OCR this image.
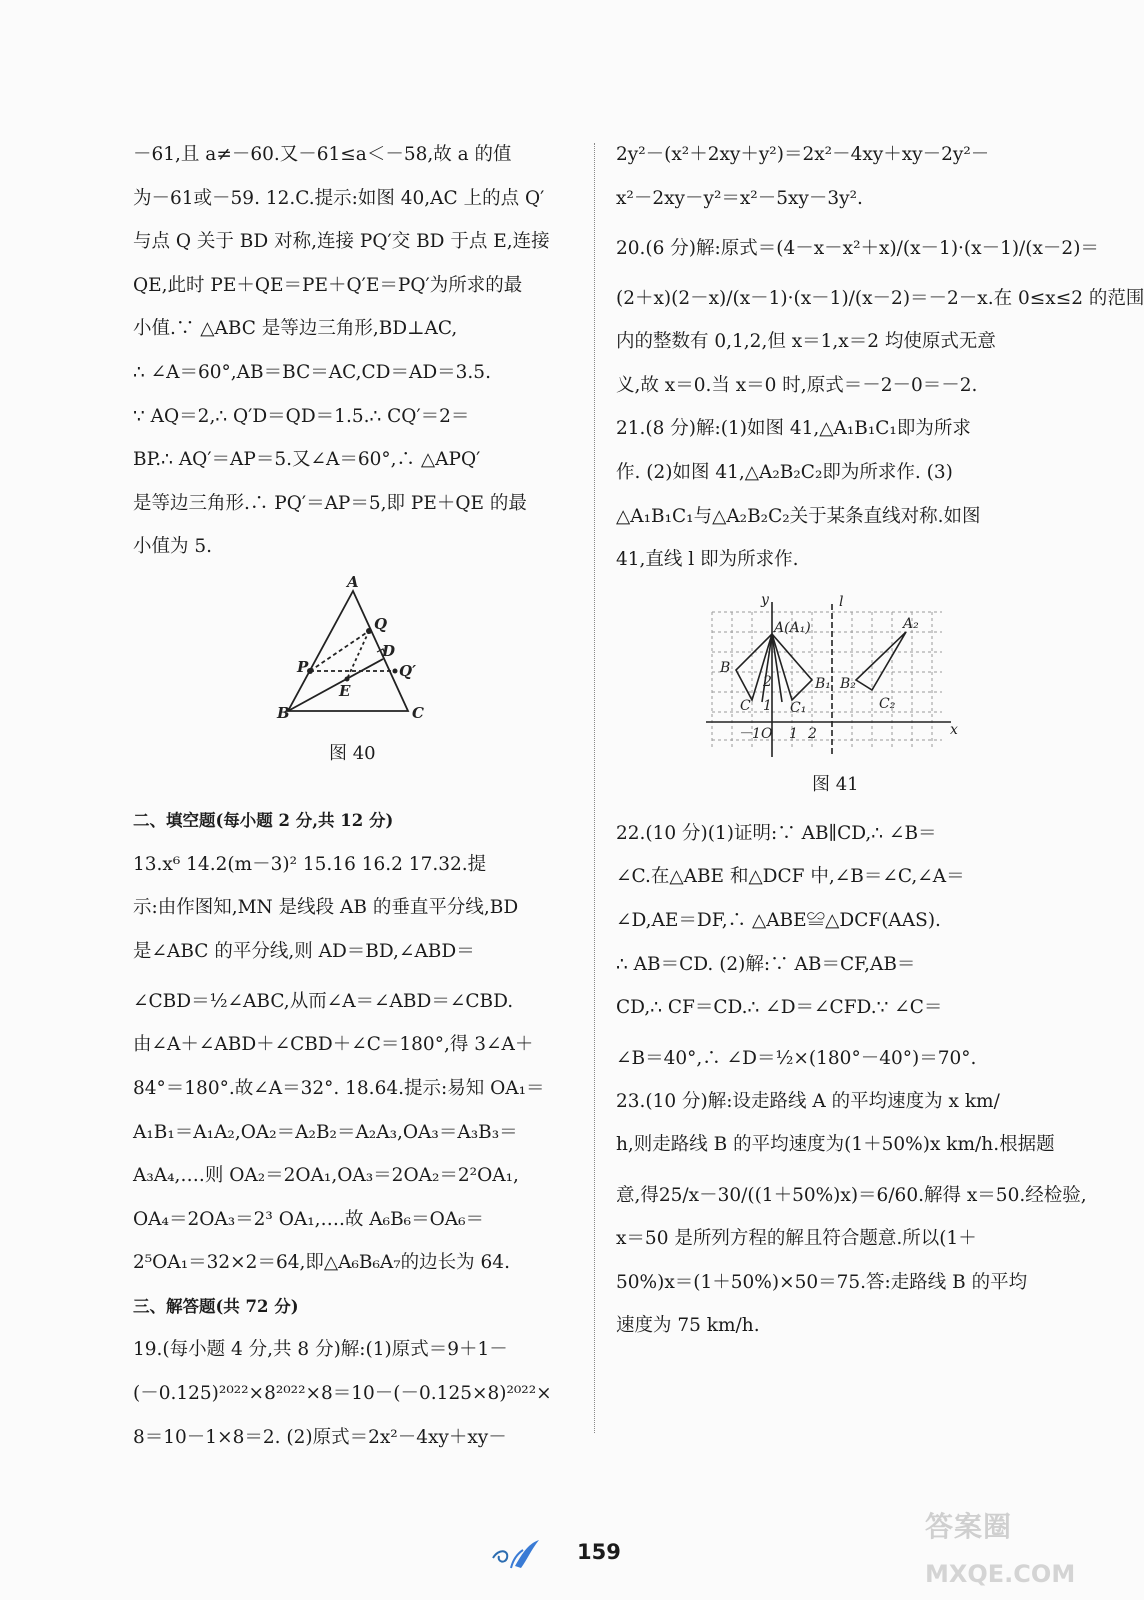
－61,且 a≠－60.又－61≤a＜－58,故 a 的值
为－61或－59. 12.C.提示:如图 40,AC 上的点 Q′
与点 Q 关于 BD 对称,连接 PQ′交 BD 于点 E,连接
QE,此时 PE＋QE＝PE＋Q′E＝PQ′为所求的最
小值.∵ △ABC 是等边三角形,BD⊥AC,
∴ ∠A＝60°,AB＝BC＝AC,CD＝AD＝3.5.
∵ AQ＝2,∴ Q′D＝QD＝1.5.∴ CQ′＝2＝
BP.∴ AQ′＝AP＝5.又∠A＝60°,∴ △APQ′
是等边三角形.∴ PQ′＝AP＝5,即 PE＋QE 的最
小值为 5.
A
Q
D
P	Q′
E
B	C
图 40
二、填空题(每小题 2 分,共 12 分)
13.x⁶ 14.2(m－3)² 15.16 16.2 17.32.提
示:由作图知,MN 是线段 AB 的垂直平分线,BD
是∠ABC 的平分线,则 AD＝BD,∠ABD＝
∠CBD＝½∠ABC,从而∠A＝∠ABD＝∠CBD.
由∠A＋∠ABD＋∠CBD＋∠C＝180°,得 3∠A＋
84°＝180°.故∠A＝32°. 18.64.提示:易知 OA₁＝
A₁B₁＝A₁A₂,OA₂＝A₂B₂＝A₂A₃,OA₃＝A₃B₃＝
A₃A₄,….则 OA₂＝2OA₁,OA₃＝2OA₂＝2²OA₁,
OA₄＝2OA₃＝2³ OA₁,….故 A₆B₆＝OA₆＝
2⁵OA₁＝32×2＝64,即△A₆B₆A₇的边长为 64.
三、解答题(共 72 分)
19.(每小题 4 分,共 8 分)解:(1)原式＝9＋1－
(－0.125)²⁰²²×8²⁰²²×8＝10－(－0.125×8)²⁰²²×
8＝10－1×8＝2. (2)原式＝2x²－4xy＋xy－
2y²－(x²＋2xy＋y²)＝2x²－4xy＋xy－2y²－
x²－2xy－y²＝x²－5xy－3y².
20.(6 分)解:原式＝(4－x－x²＋x)/(x－1)·(x－1)/(x－2)＝
(2＋x)(2－x)/(x－1)·(x－1)/(x－2)＝－2－x.在 0≤x≤2 的范围
内的整数有 0,1,2,但 x＝1,x＝2 均使原式无意
义,故 x＝0.当 x＝0 时,原式＝－2－0＝－2.
21.(8 分)解:(1)如图 41,△A₁B₁C₁即为所求
作. (2)如图 41,△A₂B₂C₂即为所求作. (3)
△A₁B₁C₁与△A₂B₂C₂关于某条直线对称.如图
41,直线 l 即为所求作.
y	l
A(A₁)	A₂
B
2	B₁ B₂
C 1 C₁	C₂
－1 O 1 2	x
图 41
22.(10 分)(1)证明:∵ AB∥CD,∴ ∠B＝
∠C.在△ABE 和△DCF 中,∠B＝∠C,∠A＝
∠D,AE＝DF,∴ △ABE≌△DCF(AAS).
∴ AB＝CD. (2)解:∵ AB＝CF,AB＝
CD,∴ CF＝CD.∴ ∠D＝∠CFD.∵ ∠C＝
∠B＝40°,∴ ∠D＝½×(180°－40°)＝70°.
23.(10 分)解:设走路线 A 的平均速度为 x km/
h,则走路线 B 的平均速度为(1＋50%)x km/h.根据题
意,得25/x－30/((1＋50%)x)＝6/60.解得 x＝50.经检验,
x＝50 是所列方程的解且符合题意.所以(1＋
50%)x＝(1＋50%)×50＝75.答:走路线 B 的平均
速度为 75 km/h.
159
答案圈
MXQE.COM
